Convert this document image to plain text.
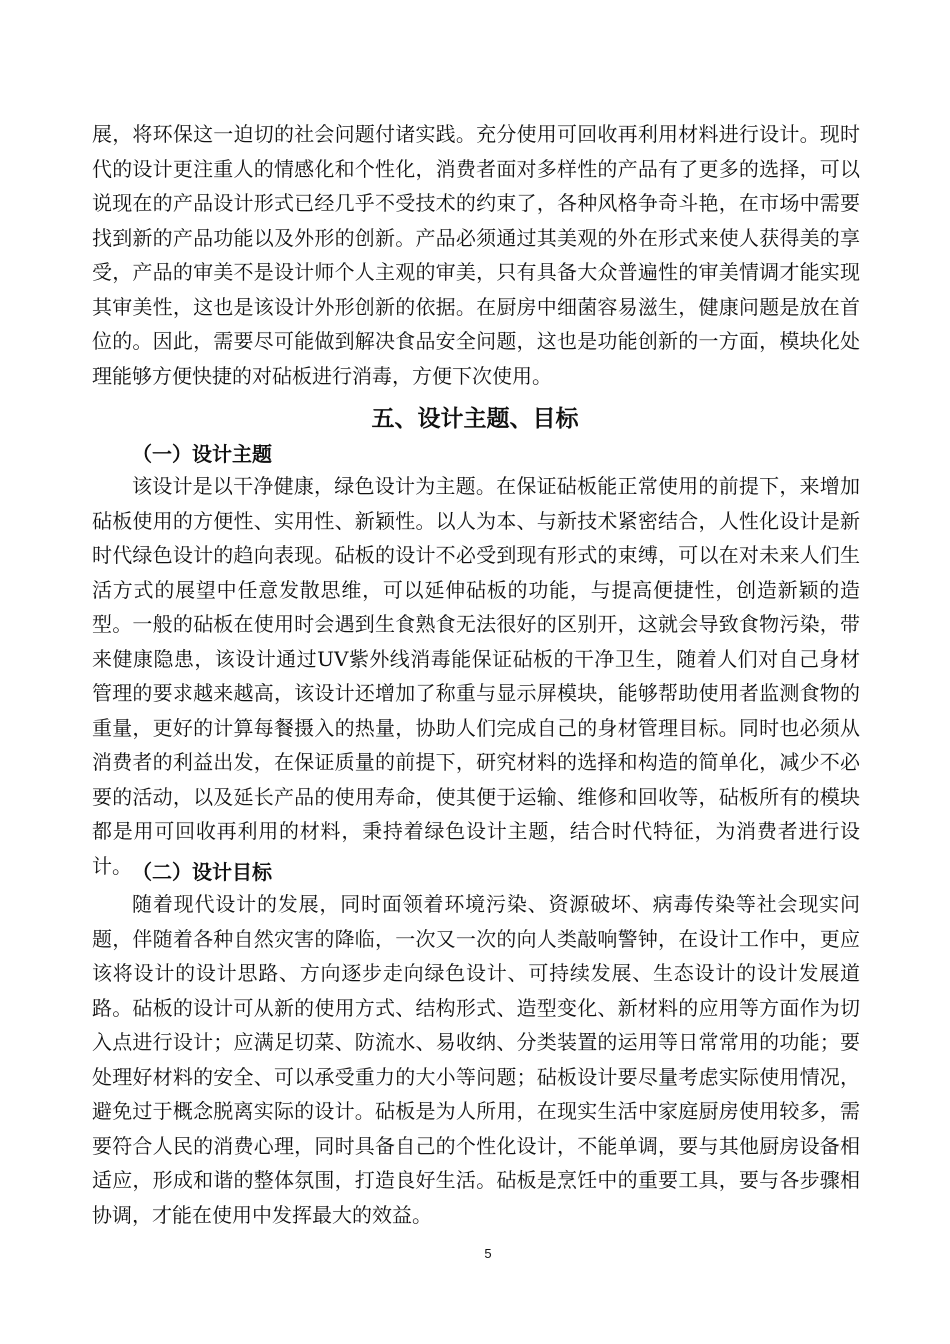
展，将环保这一迫切的社会问题付诸实践。充分使用可回收再利用材料进行设计。现时代的设计更注重人的情感化和个性化，消费者面对多样性的产品有了更多的选择，可以说现在的产品设计形式已经几乎不受技术的约束了，各种风格争奇斗艳，在市场中需要找到新的产品功能以及外形的创新。产品必须通过其美观的外在形式来使人获得美的享受，产品的审美不是设计师个人主观的审美，只有具备大众普遍性的审美情调才能实现其审美性，这也是该设计外形创新的依据。在厨房中细菌容易滋生，健康问题是放在首位的。因此，需要尽可能做到解决食品安全问题，这也是功能创新的一方面，模块化处理能够方便快捷的对砧板进行消毒，方便下次使用。

五、设计主题、目标
（一）设计主题

该设计是以干净健康，绿色设计为主题。在保证砧板能正常使用的前提下，来增加砧板使用的方便性、实用性、新颖性。以人为本、与新技术紧密结合，人性化设计是新时代绿色设计的趋向表现。砧板的设计不必受到现有形式的束缚，可以在对未来人们生活方式的展望中任意发散思维，可以延伸砧板的功能，与提高便捷性，创造新颖的造型。一般的砧板在使用时会遇到生食熟食无法很好的区别开，这就会导致食物污染，带来健康隐患，该设计通过UV紫外线消毒能保证砧板的干净卫生，随着人们对自己身材管理的要求越来越高，该设计还增加了称重与显示屏模块，能够帮助使用者监测食物的重量，更好的计算每餐摄入的热量，协助人们完成自己的身材管理目标。同时也必须从消费者的利益出发，在保证质量的前提下，研究材料的选择和构造的简单化，减少不必要的活动，以及延长产品的使用寿命，使其便于运输、维修和回收等，砧板所有的模块都是用可回收再利用的材料，秉持着绿色设计主题，结合时代特征，为消费者进行设计。 （二）设计目标

随着现代设计的发展，同时面领着环境污染、资源破坏、病毒传染等社会现实问题，伴随着各种自然灾害的降临，一次又一次的向人类敲响警钟，在设计工作中，更应该将设计的设计思路、方向逐步走向绿色设计、可持续发展、生态设计的设计发展道路。砧板的设计可从新的使用方式、结构形式、造型变化、新材料的应用等方面作为切入点进行设计；应满足切菜、防流水、易收纳、分类装置的运用等日常常用的功能；要处理好材料的安全、可以承受重力的大小等问题；砧板设计要尽量考虑实际使用情况，避免过于概念脱离实际的设计。砧板是为人所用，在现实生活中家庭厨房使用较多，需要符合人民的消费心理，同时具备自己的个性化设计，不能单调，要与其他厨房设备相适应，形成和谐的整体氛围，打造良好生活。砧板是烹饪中的重要工具，要与各步骤相协调，才能在使用中发挥最大的效益。

5
